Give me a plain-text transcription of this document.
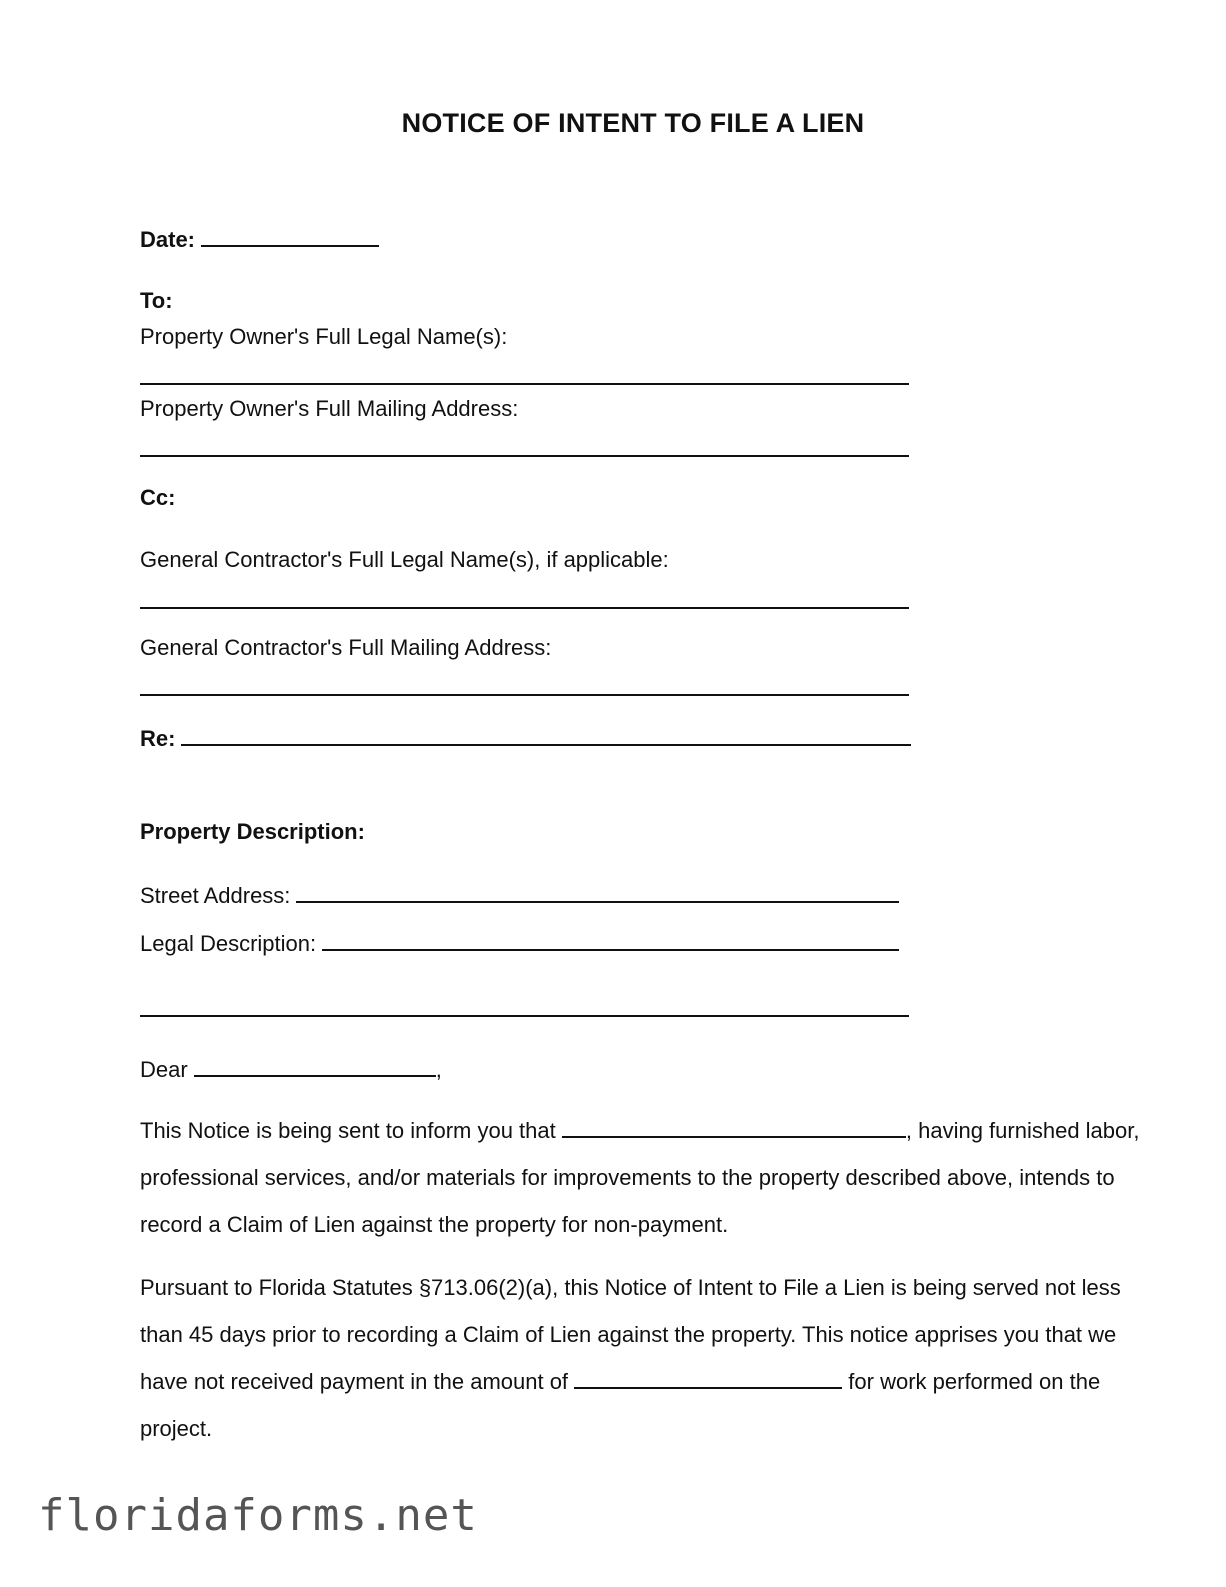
NOTICE OF INTENT TO FILE A LIEN
Date:
To:
Property Owner's Full Legal Name(s):
Property Owner's Full Mailing Address:
Cc:
General Contractor's Full Legal Name(s), if applicable:
General Contractor's Full Mailing Address:
Re:
Property Description:
Street Address:
Legal Description:
Dear	,

This Notice is being sent to inform you that	, having furnished labor, professional services, and/or materials for improvements to the property described above, intends to record a Claim of Lien against the property for non-payment.

Pursuant to Florida Statutes §713.06(2)(a), this Notice of Intent to File a Lien is being served not less than 45 days prior to recording a Claim of Lien against the property. This notice apprises you that we have not received payment in the amount of	for work performed on the project.

floridaforms.net
